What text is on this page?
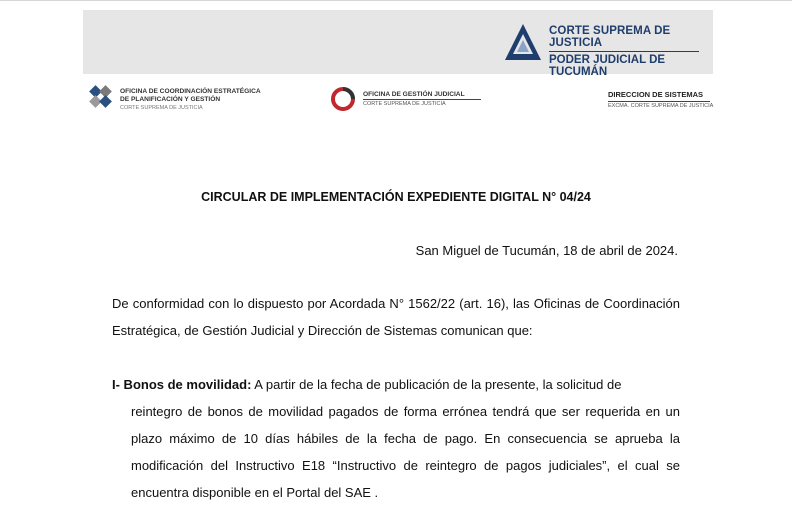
CORTE SUPREMA DE JUSTICIA
PODER JUDICIAL DE TUCUMÁN
OFICINA DE COORDINACIÓN ESTRATÉGICA
DE PLANIFICACIÓN Y GESTIÓN
CORTE SUPREMA DE JUSTICIA
OFICINA DE GESTIÓN JUDICIAL
CORTE SUPREMA DE JUSTICIA
DIRECCION DE SISTEMAS
EXCMA. CORTE SUPREMA DE JUSTICIA
CIRCULAR DE IMPLEMENTACIÓN EXPEDIENTE DIGITAL N° 04/24
San Miguel de Tucumán, 18 de abril de 2024.
De conformidad con lo dispuesto por Acordada N° 1562/22 (art. 16), las Oficinas de Coordinación Estratégica, de Gestión Judicial y Dirección de Sistemas comunican que:
I- Bonos de movilidad: A partir de la fecha de publicación de la presente, la solicitud de
reintegro de bonos de movilidad pagados de forma errónea tendrá que ser requerida en un plazo máximo de 10 días hábiles de la fecha de pago. En consecuencia se aprueba la modificación del Instructivo E18 “Instructivo de reintegro de pagos judiciales”, el cual se encuentra disponible en el Portal del SAE .
